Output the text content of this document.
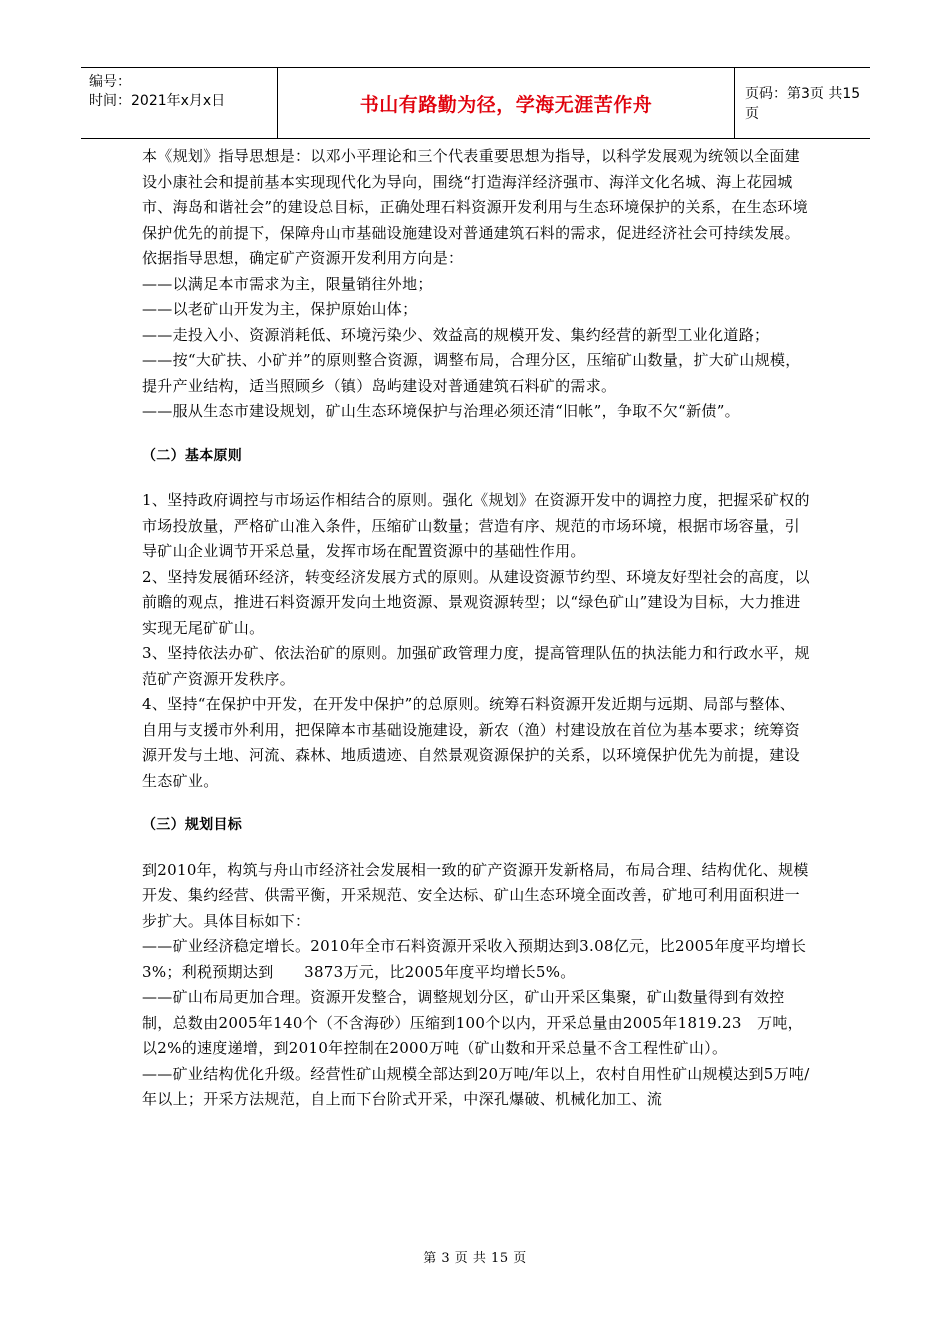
编号：
时间：2021年x月x日	书山有路勤为径，学海无涯苦作舟	页码：第3页 共15页

本《规划》指导思想是：以邓小平理论和三个代表重要思想为指导，以科学发展观为统领以全面建设小康社会和提前基本实现现代化为导向，围绕“打造海洋经济强市、海洋文化名城、海上花园城市、海岛和谐社会”的建设总目标，正确处理石料资源开发利用与生态环境保护的关系，在生态环境保护优先的前提下，保障舟山市基础设施建设对普通建筑石料的需求，促进经济社会可持续发展。

依据指导思想，确定矿产资源开发利用方向是：

——以满足本市需求为主，限量销往外地；

——以老矿山开发为主，保护原始山体；

——走投入小、资源消耗低、环境污染少、效益高的规模开发、集约经营的新型工业化道路；

——按“大矿扶、小矿并”的原则整合资源，调整布局，合理分区，压缩矿山数量，扩大矿山规模，提升产业结构，适当照顾乡（镇）岛屿建设对普通建筑石料矿的需求。

——服从生态市建设规划，矿山生态环境保护与治理必须还清“旧帐”，争取不欠“新债”。

（二）基本原则

1、坚持政府调控与市场运作相结合的原则。强化《规划》在资源开发中的调控力度，把握采矿权的市场投放量，严格矿山准入条件，压缩矿山数量；营造有序、规范的市场环境，根据市场容量，引导矿山企业调节开采总量，发挥市场在配置资源中的基础性作用。

2、坚持发展循环经济，转变经济发展方式的原则。从建设资源节约型、环境友好型社会的高度，以前瞻的观点，推进石料资源开发向土地资源、景观资源转型；以“绿色矿山”建设为目标，大力推进实现无尾矿矿山。

3、坚持依法办矿、依法治矿的原则。加强矿政管理力度，提高管理队伍的执法能力和行政水平，规范矿产资源开发秩序。

4、坚持“在保护中开发，在开发中保护”的总原则。统筹石料资源开发近期与远期、局部与整体、自用与支援市外利用，把保障本市基础设施建设，新农（渔）村建设放在首位为基本要求；统筹资源开发与土地、河流、森林、地质遗迹、自然景观资源保护的关系，以环境保护优先为前提，建设生态矿业。

（三）规划目标

到2010年，构筑与舟山市经济社会发展相一致的矿产资源开发新格局，布局合理、结构优化、规模开发、集约经营、供需平衡，开采规范、安全达标、矿山生态环境全面改善，矿地可利用面积进一步扩大。具体目标如下：

——矿业经济稳定增长。2010年全市石料资源开采收入预期达到3.08亿元，比2005年度平均增长3%；利税预期达到　　3873万元，比2005年度平均增长5%。

——矿山布局更加合理。资源开发整合，调整规划分区，矿山开采区集聚，矿山数量得到有效控制，总数由2005年140个（不含海砂）压缩到100个以内，开采总量由2005年1819.23　万吨，以2%的速度递增，到2010年控制在2000万吨（矿山数和开采总量不含工程性矿山）。

——矿业结构优化升级。经营性矿山规模全部达到20万吨/年以上，农村自用性矿山规模达到5万吨/年以上；开采方法规范，自上而下台阶式开采，中深孔爆破、机械化加工、流

第 3 页 共 15 页
